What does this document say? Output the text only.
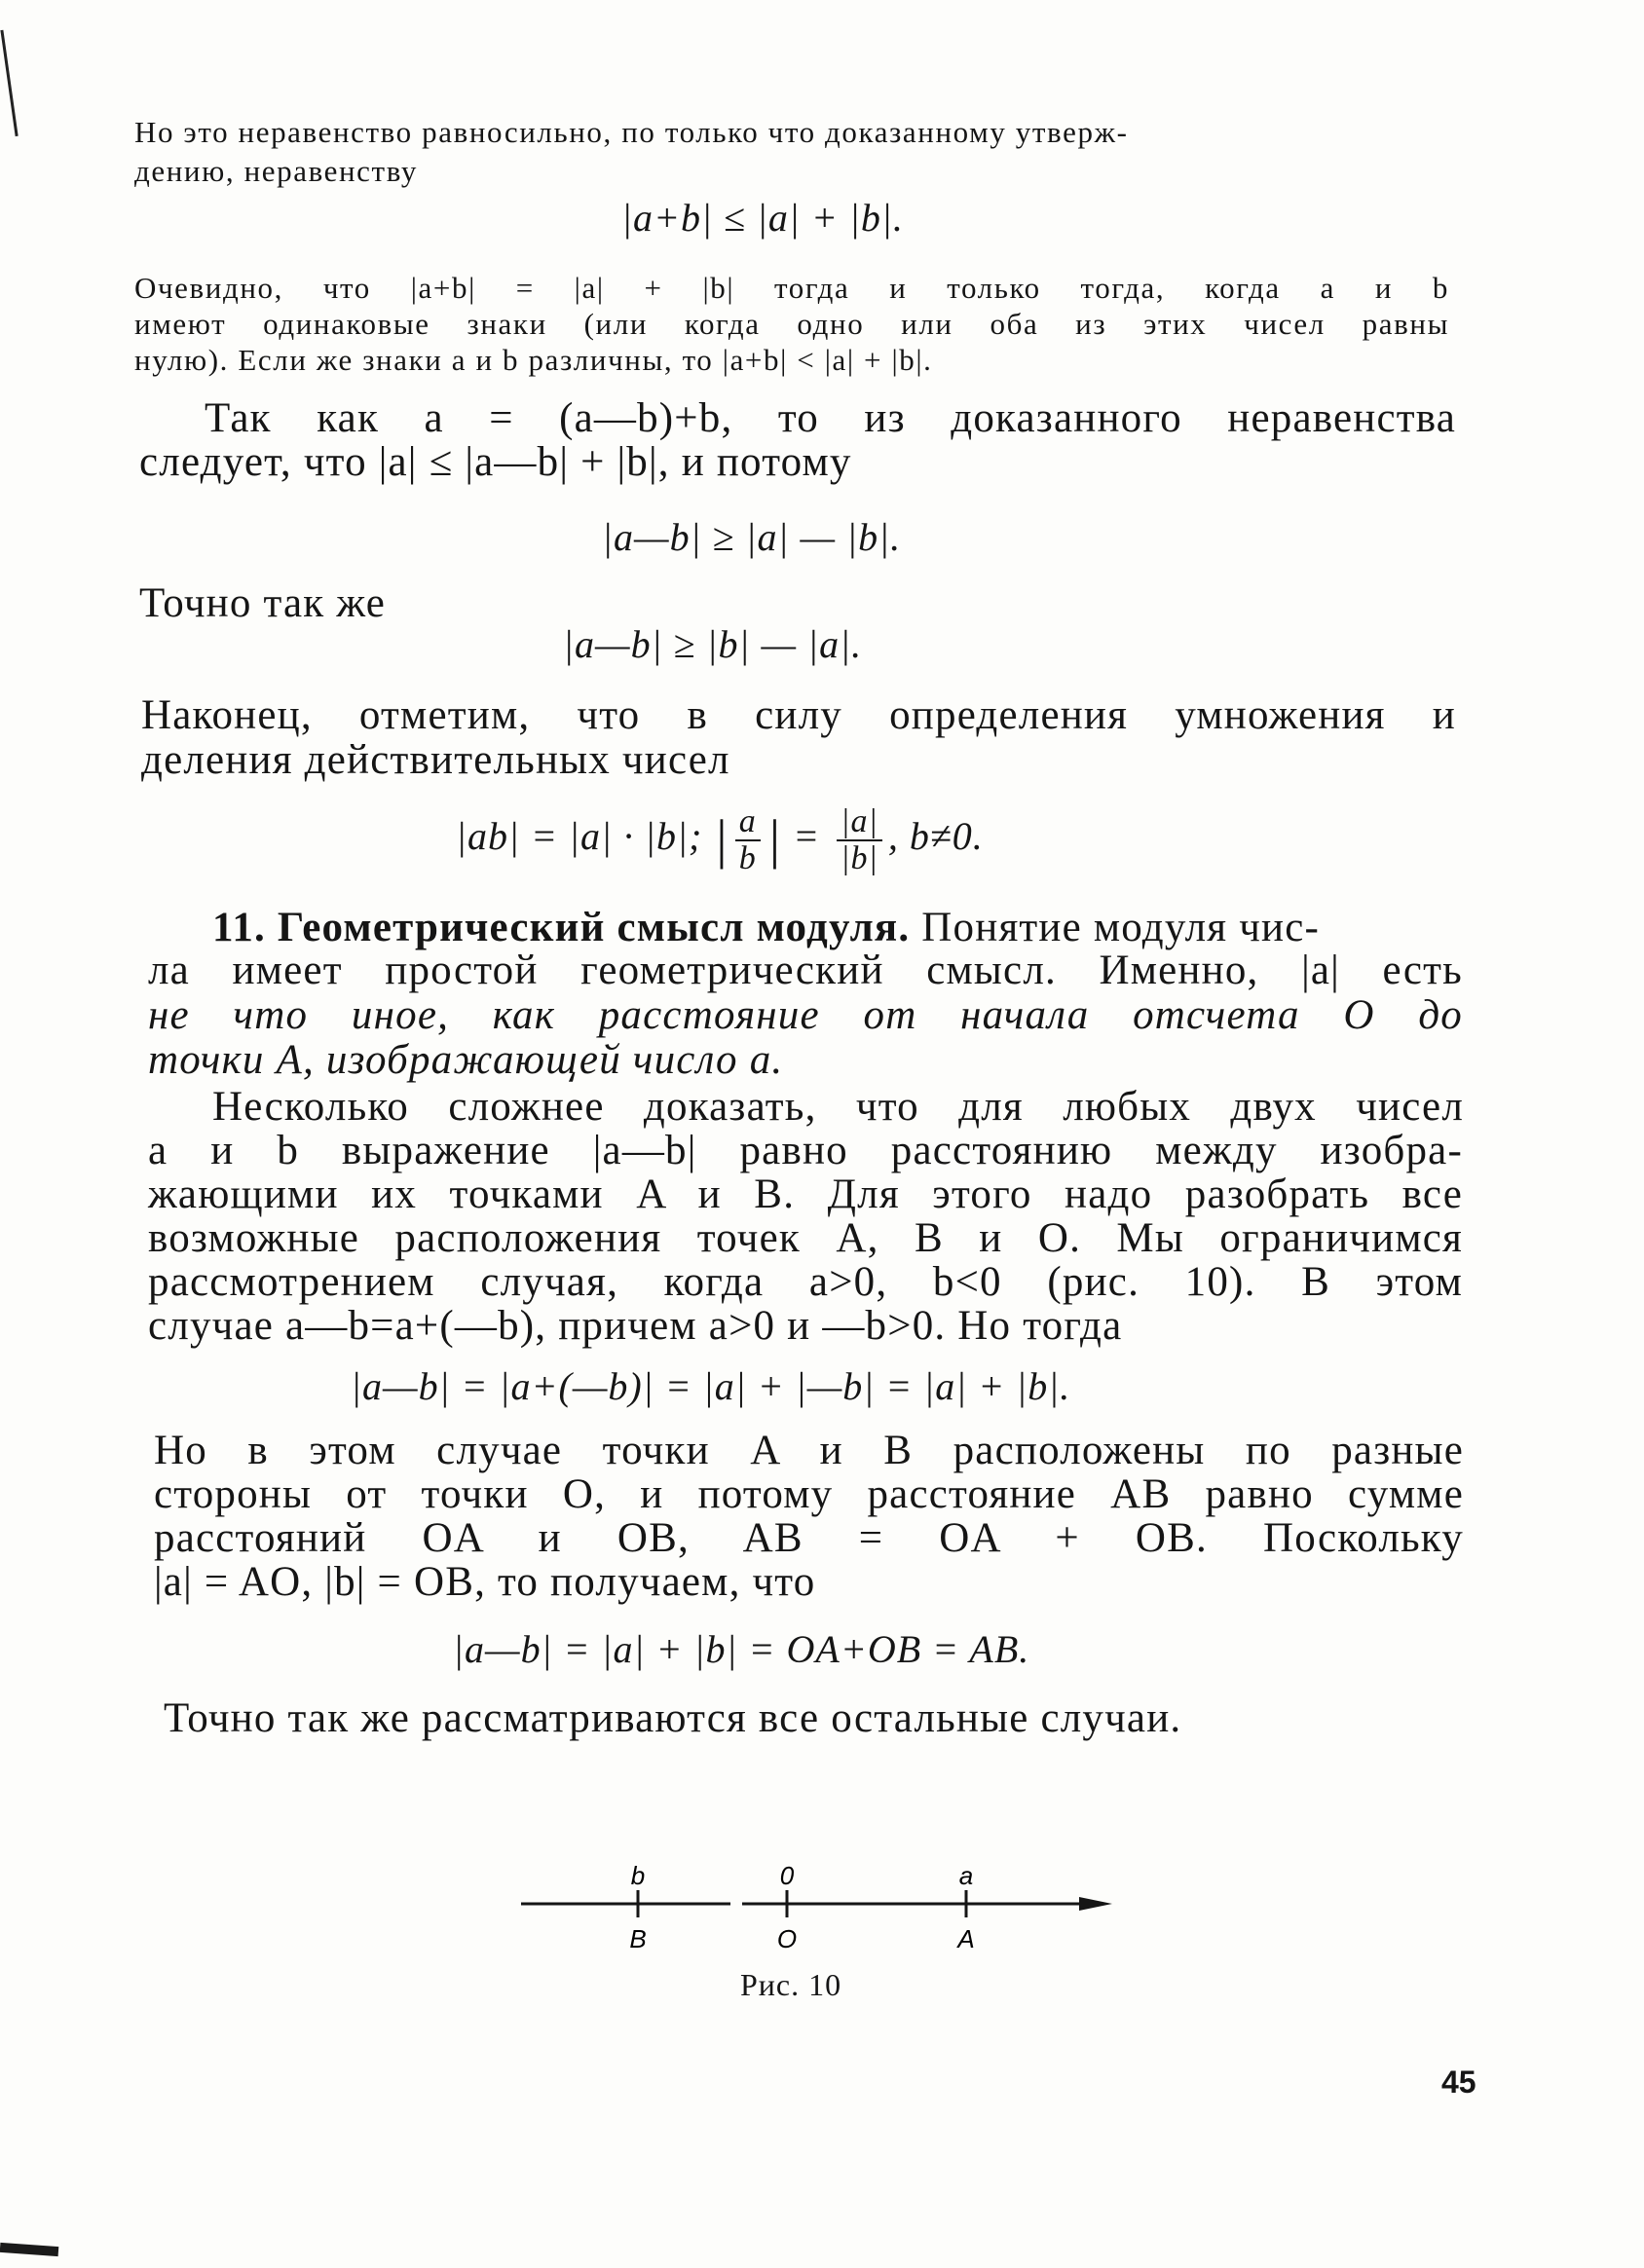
Но это неравенство равносильно, по только что доказанному утверж-
дению, неравенству
|a+b| ≤ |a| + |b|.
Очевидно, что |a+b| = |a| + |b| тогда и только тогда, когда a и b
имеют одинаковые знаки (или когда одно или оба из этих чисел равны
нулю). Если же знаки a и b различны, то |a+b| < |a| + |b|.
Так как a = (a—b)+b, то из доказанного неравенства
следует, что |a| ≤ |a—b| + |b|, и потому
|a—b| ≥ |a| — |b|.
Точно так же
|a—b| ≥ |b| — |a|.
Наконец, отметим, что в силу определения умножения и
деления действительных чисел
|ab| = |a| · |b|; | $\frac{a}{b}$ | = $\frac{|a|}{|b|}$ , b≠0.
11. Геометрический смысл модуля. Понятие модуля чис-
ла имеет простой геометрический смысл. Именно, |a| есть
не что иное, как расстояние от начала отсчета O до
точки A, изображающей число a.
Несколько сложнее доказать, что для любых двух чисел
a и b выражение |a—b| равно расстоянию между изобра-
жающими их точками A и B. Для этого надо разобрать все
возможные расположения точек A, B и O. Мы ограничимся
рассмотрением случая, когда a>0, b<0 (рис. 10). В этом
случае a—b=a+(—b), причем a>0 и —b>0. Но тогда
|a—b| = |a+(—b)| = |a| + |—b| = |a| + |b|.
Но в этом случае точки A и B расположены по разные
стороны от точки O, и потому расстояние AB равно сумме
расстояний OA и OB, AB = OA + OB. Поскольку
|a| = AO, |b| = OB, то получаем, что
|a—b| = |a| + |b| = OA+OB = AB.
Точно так же рассматриваются все остальные случаи.
b	0	a
B	O	A
Рис. 10
45
